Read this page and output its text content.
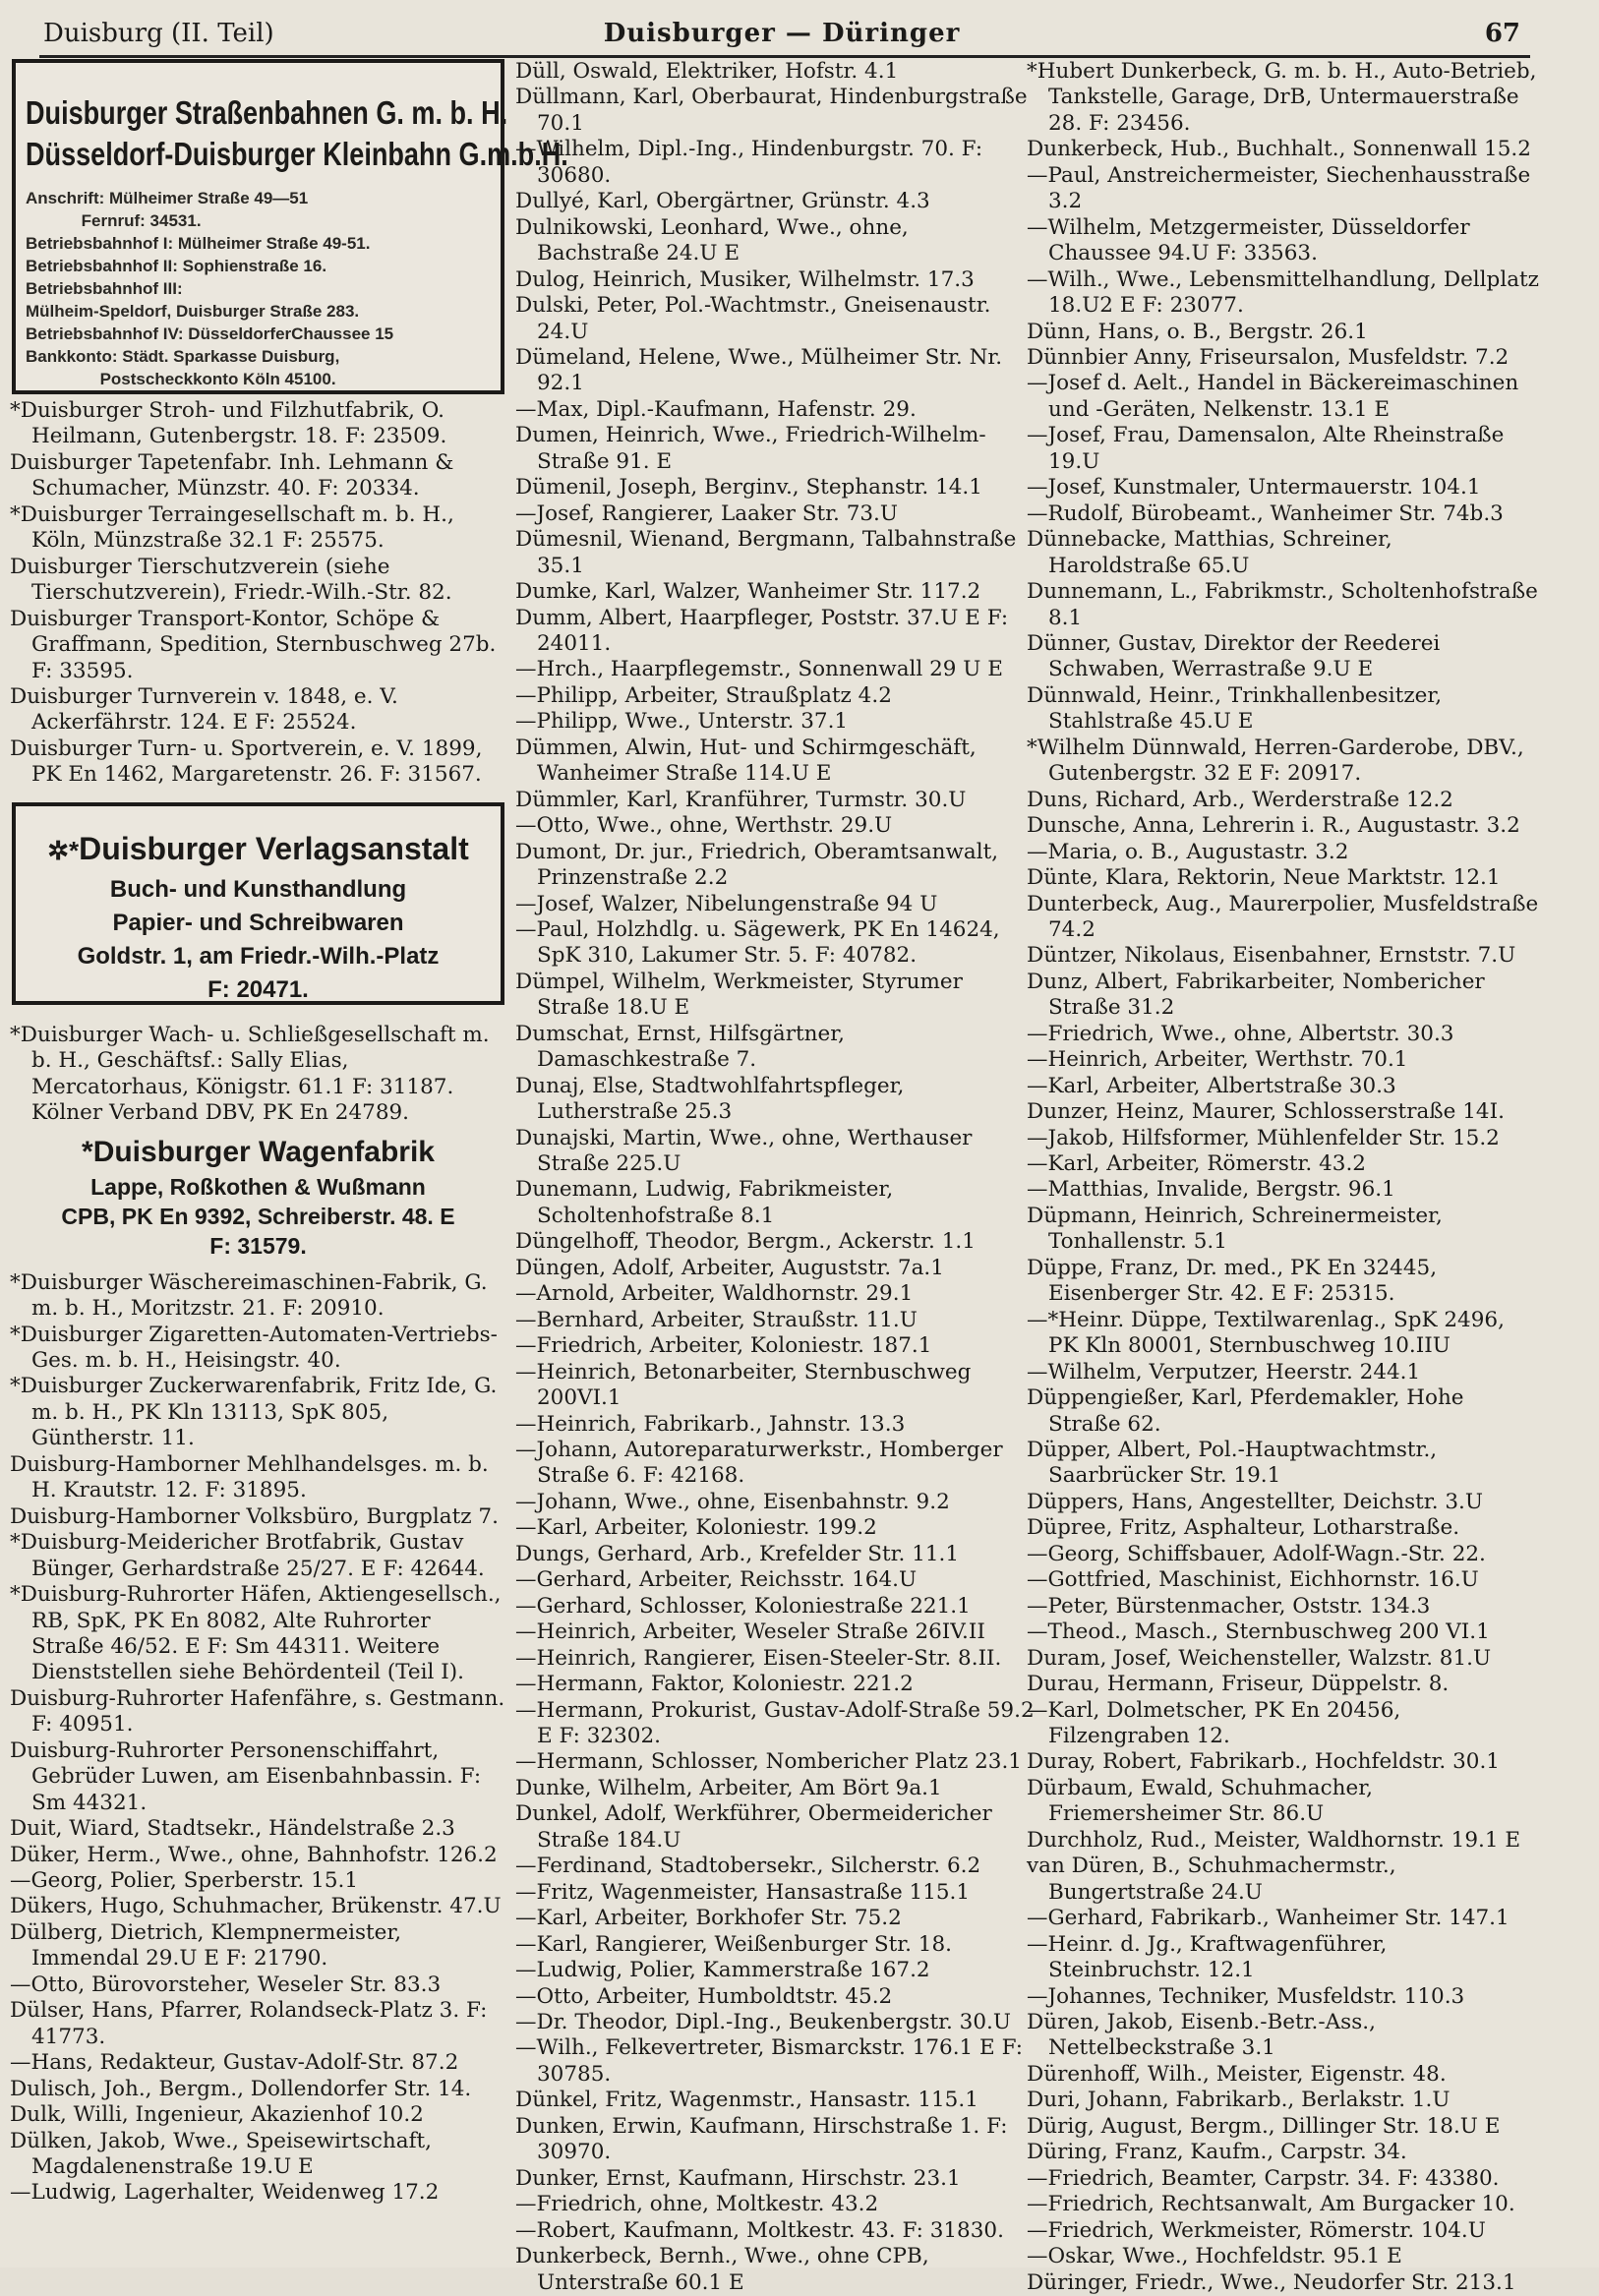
Duisburg (II. Teil)	Duisburger — Düringer	67
Duisburger Straßenbahnen G. m. b. H.
Düsseldorf-Duisburger Kleinbahn G.m.b.H.
Anschrift: Mülheimer Straße 49—51
Fernruf: 34531.
Betriebsbahnhof I: Mülheimer Straße 49-51.
Betriebsbahnhof II: Sophienstraße 16.
Betriebsbahnhof III:
Mülheim-Speldorf, Duisburger Straße 283.
Betriebsbahnhof IV: DüsseldorferChaussee 15
Bankkonto: Städt. Sparkasse Duisburg,
Postscheckkonto Köln 45100.
*Duisburger Stroh- und Filzhutfabrik, O. Heilmann, Gutenbergstr. 18. F: 23509.
Duisburger Tapetenfabr. Inh. Lehmann & Schumacher, Münzstr. 40. F: 20334.
*Duisburger Terraingesellschaft m. b. H., Köln, Münzstraße 32.1 F: 25575.
Duisburger Tierschutzverein (siehe Tierschutzverein), Friedr.-Wilh.-Str. 82.
Duisburger Transport-Kontor, Schöpe & Graffmann, Spedition, Sternbuschweg 27b. F: 33595.
Duisburger Turnverein v. 1848, e. V. Ackerfährstr. 124. E F: 25524.
Duisburger Turn- u. Sportverein, e. V. 1899, PK En 1462, Margaretenstr. 26. F: 31567.
✲*Duisburger Verlagsanstalt
Buch- und Kunsthandlung
Papier- und Schreibwaren
Goldstr. 1, am Friedr.-Wilh.-Platz
F: 20471.
*Duisburger Wach- u. Schließgesellschaft m. b. H., Geschäftsf.: Sally Elias, Mercatorhaus, Königstr. 61.1 F: 31187. Kölner Verband DBV, PK En 24789.
*Duisburger Wagenfabrik
Lappe, Roßkothen & Wußmann
CPB, PK En 9392, Schreiberstr. 48. E
F: 31579.
*Duisburger Wäschereimaschinen-Fabrik, G. m. b. H., Moritzstr. 21. F: 20910.
*Duisburger Zigaretten-Automaten-Vertriebs-Ges. m. b. H., Heisingstr. 40.
*Duisburger Zuckerwarenfabrik, Fritz Ide, G. m. b. H., PK Kln 13113, SpK 805, Güntherstr. 11.
Duisburg-Hamborner Mehlhandelsges. m. b. H. Krautstr. 12. F: 31895.
Duisburg-Hamborner Volksbüro, Burgplatz 7.
*Duisburg-Meidericher Brotfabrik, Gustav Bünger, Gerhardstraße 25/27. E F: 42644.
*Duisburg-Ruhrorter Häfen, Aktiengesellsch., RB, SpK, PK En 8082, Alte Ruhrorter Straße 46/52. E F: Sm 44311. Weitere Dienststellen siehe Behördenteil (Teil I).
Duisburg-Ruhrorter Hafenfähre, s. Gestmann. F: 40951.
Duisburg-Ruhrorter Personenschiffahrt, Gebrüder Luwen, am Eisenbahnbassin. F: Sm 44321.
Duit, Wiard, Stadtsekr., Händelstraße 2.3
Düker, Herm., Wwe., ohne, Bahnhofstr. 126.2
—Georg, Polier, Sperberstr. 15.1
Dükers, Hugo, Schuhmacher, Brükenstr. 47.U
Dülberg, Dietrich, Klempnermeister, Immendal 29.U E F: 21790.
—Otto, Bürovorsteher, Weseler Str. 83.3
Dülser, Hans, Pfarrer, Rolandseck-Platz 3. F: 41773.
—Hans, Redakteur, Gustav-Adolf-Str. 87.2
Dulisch, Joh., Bergm., Dollendorfer Str. 14.
Dulk, Willi, Ingenieur, Akazienhof 10.2
Dülken, Jakob, Wwe., Speisewirtschaft, Magdalenenstraße 19.U E
—Ludwig, Lagerhalter, Weidenweg 17.2
Düll, Oswald, Elektriker, Hofstr. 4.1
Düllmann, Karl, Oberbaurat, Hindenburgstraße 70.1
—Wilhelm, Dipl.-Ing., Hindenburgstr. 70. F: 30680.
Dullyé, Karl, Obergärtner, Grünstr. 4.3
Dulnikowski, Leonhard, Wwe., ohne, Bachstraße 24.U E
Dulog, Heinrich, Musiker, Wilhelmstr. 17.3
Dulski, Peter, Pol.-Wachtmstr., Gneisenaustr. 24.U
Dümeland, Helene, Wwe., Mülheimer Str. Nr. 92.1
—Max, Dipl.-Kaufmann, Hafenstr. 29.
Dumen, Heinrich, Wwe., Friedrich-Wilhelm-Straße 91. E
Dümenil, Joseph, Berginv., Stephanstr. 14.1
—Josef, Rangierer, Laaker Str. 73.U
Dümesnil, Wienand, Bergmann, Talbahnstraße 35.1
Dumke, Karl, Walzer, Wanheimer Str. 117.2
Dumm, Albert, Haarpfleger, Poststr. 37.U E F: 24011.
—Hrch., Haarpflegemstr., Sonnenwall 29 U E
—Philipp, Arbeiter, Straußplatz 4.2
—Philipp, Wwe., Unterstr. 37.1
Dümmen, Alwin, Hut- und Schirmgeschäft, Wanheimer Straße 114.U E
Dümmler, Karl, Kranführer, Turmstr. 30.U
—Otto, Wwe., ohne, Werthstr. 29.U
Dumont, Dr. jur., Friedrich, Oberamtsanwalt, Prinzenstraße 2.2
—Josef, Walzer, Nibelungenstraße 94 U
—Paul, Holzhdlg. u. Sägewerk, PK En 14624, SpK 310, Lakumer Str. 5. F: 40782.
Dümpel, Wilhelm, Werkmeister, Styrumer Straße 18.U E
Dumschat, Ernst, Hilfsgärtner, Damaschkestraße 7.
Dunaj, Else, Stadtwohlfahrtspfleger, Lutherstraße 25.3
Dunajski, Martin, Wwe., ohne, Werthauser Straße 225.U
Dunemann, Ludwig, Fabrikmeister, Scholtenhofstraße 8.1
Düngelhoff, Theodor, Bergm., Ackerstr. 1.1
Düngen, Adolf, Arbeiter, Auguststr. 7a.1
—Arnold, Arbeiter, Waldhornstr. 29.1
—Bernhard, Arbeiter, Straußstr. 11.U
—Friedrich, Arbeiter, Koloniestr. 187.1
—Heinrich, Betonarbeiter, Sternbuschweg 200VI.1
—Heinrich, Fabrikarb., Jahnstr. 13.3
—Johann, Autoreparaturwerkstr., Homberger Straße 6. F: 42168.
—Johann, Wwe., ohne, Eisenbahnstr. 9.2
—Karl, Arbeiter, Koloniestr. 199.2
Dungs, Gerhard, Arb., Krefelder Str. 11.1
—Gerhard, Arbeiter, Reichsstr. 164.U
—Gerhard, Schlosser, Koloniestraße 221.1
—Heinrich, Arbeiter, Weseler Straße 26IV.II
—Heinrich, Rangierer, Eisen-Steeler-Str. 8.II.
—Hermann, Faktor, Koloniestr. 221.2
—Hermann, Prokurist, Gustav-Adolf-Straße 59.2 E F: 32302.
—Hermann, Schlosser, Nombericher Platz 23.1
Dunke, Wilhelm, Arbeiter, Am Bört 9a.1
Dunkel, Adolf, Werkführer, Obermeidericher Straße 184.U
—Ferdinand, Stadtobersekr., Silcherstr. 6.2
—Fritz, Wagenmeister, Hansastraße 115.1
—Karl, Arbeiter, Borkhofer Str. 75.2
—Karl, Rangierer, Weißenburger Str. 18.
—Ludwig, Polier, Kammerstraße 167.2
—Otto, Arbeiter, Humboldtstr. 45.2
—Dr. Theodor, Dipl.-Ing., Beukenbergstr. 30.U
—Wilh., Felkevertreter, Bismarckstr. 176.1 E F: 30785.
Dünkel, Fritz, Wagenmstr., Hansastr. 115.1
Dunken, Erwin, Kaufmann, Hirschstraße 1. F: 30970.
Dunker, Ernst, Kaufmann, Hirschstr. 23.1
—Friedrich, ohne, Moltkestr. 43.2
—Robert, Kaufmann, Moltkestr. 43. F: 31830.
Dunkerbeck, Bernh., Wwe., ohne CPB, Unterstraße 60.1 E
*Hubert Dunkerbeck, G. m. b. H., Auto-Betrieb, Tankstelle, Garage, DrB, Untermauerstraße 28. F: 23456.
Dunkerbeck, Hub., Buchhalt., Sonnenwall 15.2
—Paul, Anstreichermeister, Siechenhausstraße 3.2
—Wilhelm, Metzgermeister, Düsseldorfer Chaussee 94.U F: 33563.
—Wilh., Wwe., Lebensmittelhandlung, Dellplatz 18.U2 E F: 23077.
Dünn, Hans, o. B., Bergstr. 26.1
Dünnbier Anny, Friseursalon, Musfeldstr. 7.2
—Josef d. Aelt., Handel in Bäckereimaschinen und -Geräten, Nelkenstr. 13.1 E
—Josef, Frau, Damensalon, Alte Rheinstraße 19.U
—Josef, Kunstmaler, Untermauerstr. 104.1
—Rudolf, Bürobeamt., Wanheimer Str. 74b.3
Dünnebacke, Matthias, Schreiner, Haroldstraße 65.U
Dunnemann, L., Fabrikmstr., Scholtenhofstraße 8.1
Dünner, Gustav, Direktor der Reederei Schwaben, Werrastraße 9.U E
Dünnwald, Heinr., Trinkhallenbesitzer, Stahlstraße 45.U E
*Wilhelm Dünnwald, Herren-Garderobe, DBV., Gutenbergstr. 32 E F: 20917.
Duns, Richard, Arb., Werderstraße 12.2
Dunsche, Anna, Lehrerin i. R., Augustastr. 3.2
—Maria, o. B., Augustastr. 3.2
Dünte, Klara, Rektorin, Neue Marktstr. 12.1
Dunterbeck, Aug., Maurerpolier, Musfeldstraße 74.2
Düntzer, Nikolaus, Eisenbahner, Ernststr. 7.U
Dunz, Albert, Fabrikarbeiter, Nombericher Straße 31.2
—Friedrich, Wwe., ohne, Albertstr. 30.3
—Heinrich, Arbeiter, Werthstr. 70.1
—Karl, Arbeiter, Albertstraße 30.3
Dunzer, Heinz, Maurer, Schlosserstraße 14I.
—Jakob, Hilfsformer, Mühlenfelder Str. 15.2
—Karl, Arbeiter, Römerstr. 43.2
—Matthias, Invalide, Bergstr. 96.1
Düpmann, Heinrich, Schreinermeister, Tonhallenstr. 5.1
Düppe, Franz, Dr. med., PK En 32445, Eisenberger Str. 42. E F: 25315.
—*Heinr. Düppe, Textilwarenlag., SpK 2496, PK Kln 80001, Sternbuschweg 10.IIU
—Wilhelm, Verputzer, Heerstr. 244.1
Düppengießer, Karl, Pferdemakler, Hohe Straße 62.
Düpper, Albert, Pol.-Hauptwachtmstr., Saarbrücker Str. 19.1
Düppers, Hans, Angestellter, Deichstr. 3.U
Düpree, Fritz, Asphalteur, Lotharstraße.
—Georg, Schiffsbauer, Adolf-Wagn.-Str. 22.
—Gottfried, Maschinist, Eichhornstr. 16.U
—Peter, Bürstenmacher, Oststr. 134.3
—Theod., Masch., Sternbuschweg 200 VI.1
Duram, Josef, Weichensteller, Walzstr. 81.U
Durau, Hermann, Friseur, Düppelstr. 8.
—Karl, Dolmetscher, PK En 20456, Filzengraben 12.
Duray, Robert, Fabrikarb., Hochfeldstr. 30.1
Dürbaum, Ewald, Schuhmacher, Friemersheimer Str. 86.U
Durchholz, Rud., Meister, Waldhornstr. 19.1 E
van Düren, B., Schuhmachermstr., Bungertstraße 24.U
—Gerhard, Fabrikarb., Wanheimer Str. 147.1
—Heinr. d. Jg., Kraftwagenführer, Steinbruchstr. 12.1
—Johannes, Techniker, Musfeldstr. 110.3
Düren, Jakob, Eisenb.-Betr.-Ass., Nettelbeckstraße 3.1
Dürenhoff, Wilh., Meister, Eigenstr. 48.
Duri, Johann, Fabrikarb., Berlakstr. 1.U
Dürig, August, Bergm., Dillinger Str. 18.U E
Düring, Franz, Kaufm., Carpstr. 34.
—Friedrich, Beamter, Carpstr. 34. F: 43380.
—Friedrich, Rechtsanwalt, Am Burgacker 10.
—Friedrich, Werkmeister, Römerstr. 104.U
—Oskar, Wwe., Hochfeldstr. 95.1 E
Düringer, Friedr., Wwe., Neudorfer Str. 213.1
